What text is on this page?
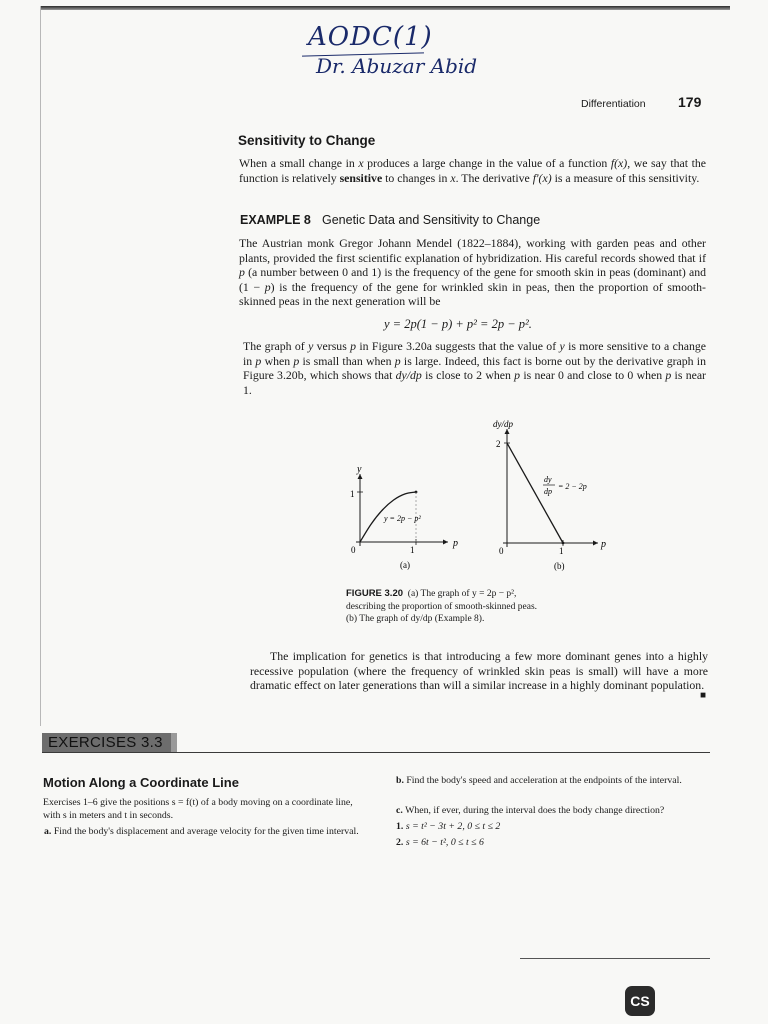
AODC(1)
Dr. Abuzar Abid
Differentiation 179
Sensitivity to Change
When a small change in x produces a large change in the value of a function f(x), we say that the function is relatively sensitive to changes in x. The derivative f′(x) is a measure of this sensitivity.
EXAMPLE 8 Genetic Data and Sensitivity to Change
The Austrian monk Gregor Johann Mendel (1822–1884), working with garden peas and other plants, provided the first scientific explanation of hybridization. His careful records showed that if p (a number between 0 and 1) is the frequency of the gene for smooth skin in peas (dominant) and (1 − p) is the frequency of the gene for wrinkled skin in peas, then the proportion of smooth-skinned peas in the next generation will be
y = 2p(1 − p) + p² = 2p − p².
The graph of y versus p in Figure 3.20a suggests that the value of y is more sensitive to a change in p when p is small than when p is large. Indeed, this fact is borne out by the derivative graph in Figure 3.20b, which shows that dy/dp is close to 2 when p is near 0 and close to 0 when p is near 1.
y
p
1
0	1
y = 2p − p²
(a)
dy/dp
2
p
0	1
dy
dp
= 2 − 2p
(b)
FIGURE 3.20 (a) The graph of y = 2p − p²,
describing the proportion of smooth-skinned peas.
(b) The graph of dy/dp (Example 8).
The implication for genetics is that introducing a few more dominant genes into a highly recessive population (where the frequency of wrinkled skin peas is small) will have a more dramatic effect on later generations than will a similar increase in a highly dominant population.
■
EXERCISES 3.3
Motion Along a Coordinate Line
Exercises 1–6 give the positions s = f(t) of a body moving on a coordinate line, with s in meters and t in seconds.
a. Find the body's displacement and average velocity for the given time interval.
b. Find the body's speed and acceleration at the endpoints of the interval.
c. When, if ever, during the interval does the body change direction?
1. s = t² − 3t + 2, 0 ≤ t ≤ 2
2. s = 6t − t², 0 ≤ t ≤ 6
CS
